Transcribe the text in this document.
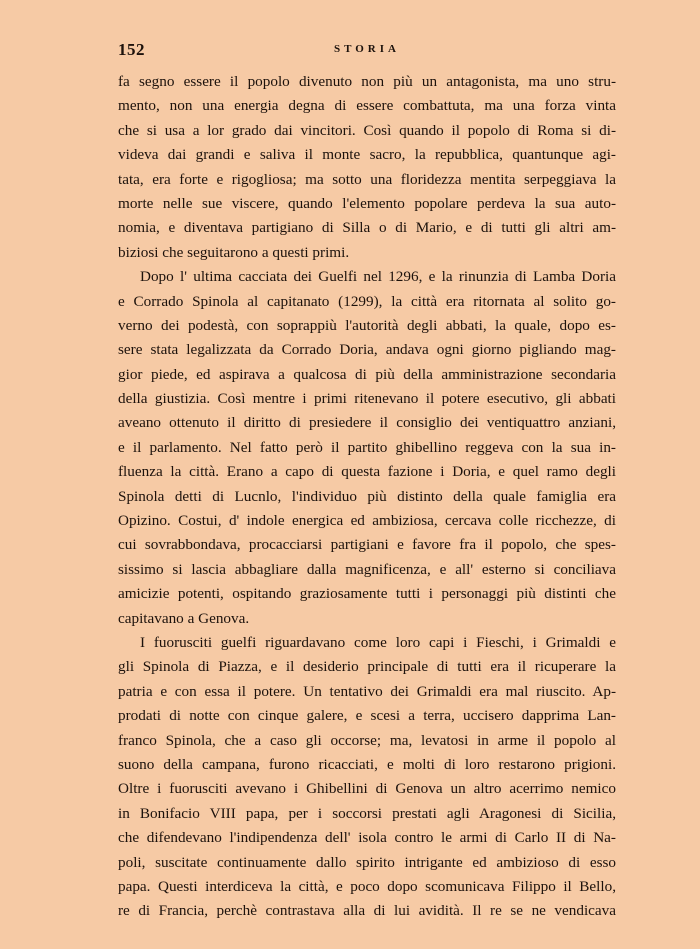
152	STORIA
fa segno essere il popolo divenuto non più un antagonista, ma uno stru-
mento, non una energia degna di essere combattuta, ma una forza vinta
che si usa a lor grado dai vincitori. Così quando il popolo di Roma si di-
videva dai grandi e saliva il monte sacro, la repubblica, quantunque agi-
tata, era forte e rigogliosa; ma sotto una floridezza mentita serpeggiava la
morte nelle sue viscere, quando l'elemento popolare perdeva la sua auto-
nomia, e diventava partigiano di Silla o di Mario, e di tutti gli altri am-
biziosi che seguitarono a questi primi.
Dopo l' ultima cacciata dei Guelfi nel 1296, e la rinunzia di Lamba Doria
e Corrado Spinola al capitanato (1299), la città era ritornata al solito go-
verno dei podestà, con soprappiù l'autorità degli abbati, la quale, dopo es-
sere stata legalizzata da Corrado Doria, andava ogni giorno pigliando mag-
gior piede, ed aspirava a qualcosa di più della amministrazione secondaria
della giustizia. Così mentre i primi ritenevano il potere esecutivo, gli abbati
aveano ottenuto il diritto di presiedere il consiglio dei ventiquattro anziani,
e il parlamento. Nel fatto però il partito ghibellino reggeva con la sua in-
fluenza la città. Erano a capo di questa fazione i Doria, e quel ramo degli
Spinola detti di Lucnlo, l'individuo più distinto della quale famiglia era
Opizino. Costui, d' indole energica ed ambiziosa, cercava colle ricchezze, di
cui sovrabbondava, procacciarsi partigiani e favore fra il popolo, che spes-
sissimo si lascia abbagliare dalla magnificenza, e all' esterno si conciliava
amicizie potenti, ospitando graziosamente tutti i personaggi più distinti che
capitavano a Genova.
I fuorusciti guelfi riguardavano come loro capi i Fieschi, i Grimaldi e
gli Spinola di Piazza, e il desiderio principale di tutti era il ricuperare la
patria e con essa il potere. Un tentativo dei Grimaldi era mal riuscito. Ap-
prodati di notte con cinque galere, e scesi a terra, uccisero dapprima Lan-
franco Spinola, che a caso gli occorse; ma, levatosi in arme il popolo al
suono della campana, furono ricacciati, e molti di loro restarono prigioni.
Oltre i fuorusciti avevano i Ghibellini di Genova un altro acerrimo nemico
in Bonifacio VIII papa, per i soccorsi prestati agli Aragonesi di Sicilia,
che difendevano l'indipendenza dell' isola contro le armi di Carlo II di Na-
poli, suscitate continuamente dallo spirito intrigante ed ambizioso di esso
papa. Questi interdiceva la città, e poco dopo scomunicava Filippo il Bello,
re di Francia, perchè contrastava alla di lui avidità. Il re se ne vendicava
